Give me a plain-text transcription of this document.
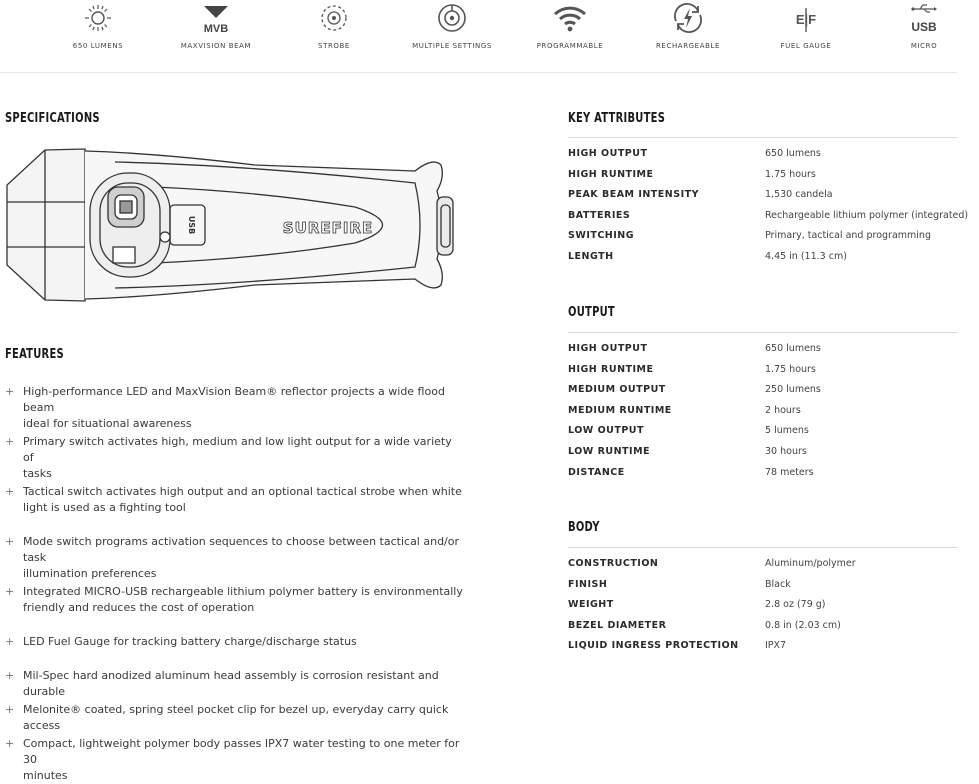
650 LUMENS
MVB
MAXVISION BEAM	STROBE	MULTIPLE SETTINGS	PROGRAMMABLE	RECHARGEABLE
E|F
FUEL GAUGE
USB
MICRO
SPECIFICATIONS
SUREFIRE
USB
FEATURES
+ High-performance LED and MaxVision Beam® reflector projects a wide flood beam
ideal for situational awareness
+ Primary switch activates high, medium and low light output for a wide variety of
tasks
+ Tactical switch activates high output and an optional tactical strobe when white
light is used as a fighting tool
+ Mode switch programs activation sequences to choose between tactical and/or task
illumination preferences
+ Integrated MICRO-USB rechargeable lithium polymer battery is environmentally
friendly and reduces the cost of operation
+ LED Fuel Gauge for tracking battery charge/discharge status
+ Mil-Spec hard anodized aluminum head assembly is corrosion resistant and durable
+ Melonite® coated, spring steel pocket clip for bezel up, everyday carry quick access
+ Compact, lightweight polymer body passes IPX7 water testing to one meter for 30
minutes
KEY ATTRIBUTES
HIGH OUTPUT	650 lumens
HIGH RUNTIME	1.75 hours
PEAK BEAM INTENSITY	1,530 candela
BATTERIES	Rechargeable lithium polymer (integrated)
SWITCHING	Primary, tactical and programming
LENGTH	4.45 in (11.3 cm)
OUTPUT
HIGH OUTPUT	650 lumens
HIGH RUNTIME	1.75 hours
MEDIUM OUTPUT	250 lumens
MEDIUM RUNTIME	2 hours
LOW OUTPUT	5 lumens
LOW RUNTIME	30 hours
DISTANCE	78 meters
BODY
CONSTRUCTION	Aluminum/polymer
FINISH	Black
WEIGHT	2.8 oz (79 g)
BEZEL DIAMETER	0.8 in (2.03 cm)
LIQUID INGRESS PROTECTION	IPX7
